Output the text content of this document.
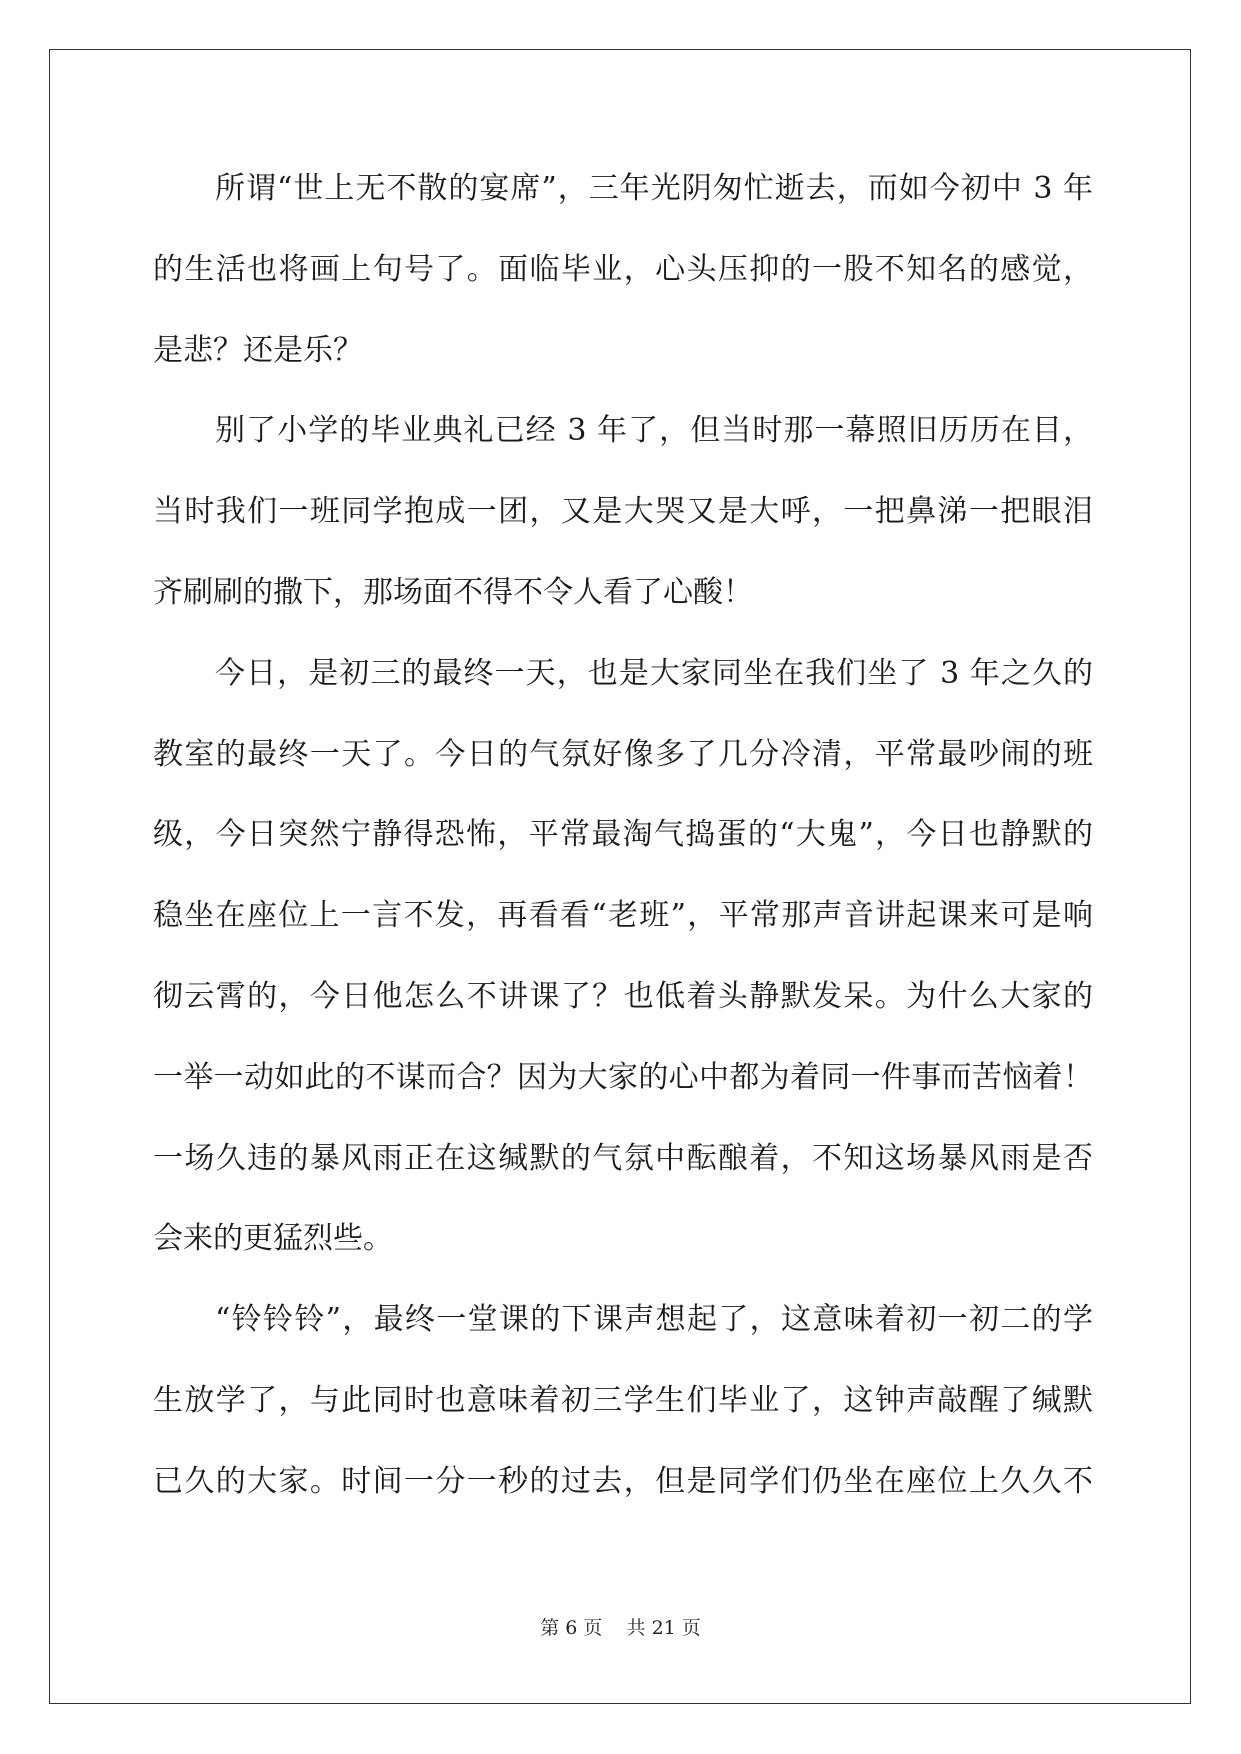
所谓“世上无不散的宴席”，三年光阴匆忙逝去，而如今初中 3 年
的生活也将画上句号了。面临毕业，心头压抑的一股不知名的感觉，
是悲？还是乐？
别了小学的毕业典礼已经 3 年了，但当时那一幕照旧历历在目，
当时我们一班同学抱成一团，又是大哭又是大呼，一把鼻涕一把眼泪
齐刷刷的撒下，那场面不得不令人看了心酸！
今日，是初三的最终一天，也是大家同坐在我们坐了 3 年之久的
教室的最终一天了。今日的气氛好像多了几分冷清，平常最吵闹的班
级，今日突然宁静得恐怖，平常最淘气捣蛋的“大鬼”，今日也静默的
稳坐在座位上一言不发，再看看“老班”，平常那声音讲起课来可是响
彻云霄的，今日他怎么不讲课了？也低着头静默发呆。为什么大家的
一举一动如此的不谋而合？因为大家的心中都为着同一件事而苦恼着！
一场久违的暴风雨正在这缄默的气氛中酝酿着，不知这场暴风雨是否
会来的更猛烈些。
“铃铃铃”，最终一堂课的下课声想起了，这意味着初一初二的学
生放学了，与此同时也意味着初三学生们毕业了，这钟声敲醒了缄默
已久的大家。时间一分一秒的过去，但是同学们仍坐在座位上久久不
第 6 页    共 21 页
